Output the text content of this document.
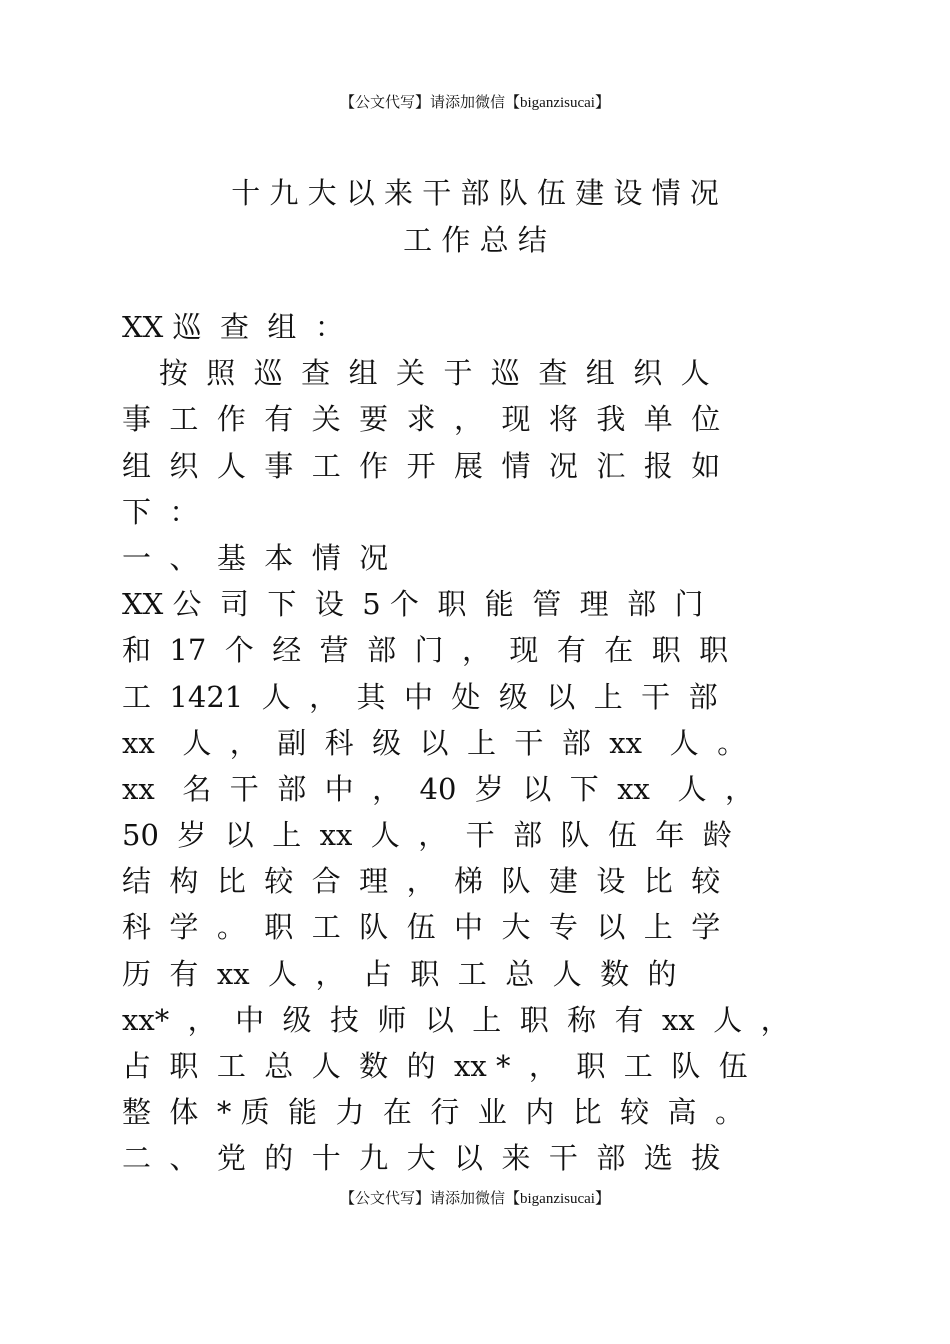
【公文代写】请添加微信【biganzisucai】
十 九 大 以 来 干 部 队 伍 建 设 情 况
工 作 总 结
XX 巡  查  组  ：
按  照  巡  查  组  关  于  巡  查  组  织  人
事  工  作  有  关  要  求  ，  现  将  我  单  位
组  织  人  事  工  作  开  展  情  况  汇  报  如
下  ：
一  、  基  本  情  况
XX 公  司  下  设  5 个  职  能  管  理  部  门
和  17  个  经  营  部  门  ，  现  有  在  职  职
工  1421  人  ，  其  中  处  级  以  上  干  部
xx   人  ，  副  科  级  以  上  干  部  xx   人  。
xx   名  干  部  中  ，  40  岁  以  下  xx   人  ，
50  岁  以  上  xx  人  ，  干  部  队  伍  年  龄
结  构  比  较  合  理  ，  梯  队  建  设  比  较
科  学  。  职  工  队  伍  中  大  专  以  上  学
历  有  xx  人  ，  占  职  工  总  人  数  的
xx*  ，  中  级  技  师  以  上  职  称  有  xx  人  ，
占  职  工  总  人  数  的  xx *  ，  职  工  队  伍
整  体  * 质  能  力  在  行  业  内  比  较  高  。
二  、  党  的  十  九  大  以  来  干  部  选  拔
【公文代写】请添加微信【biganzisucai】
